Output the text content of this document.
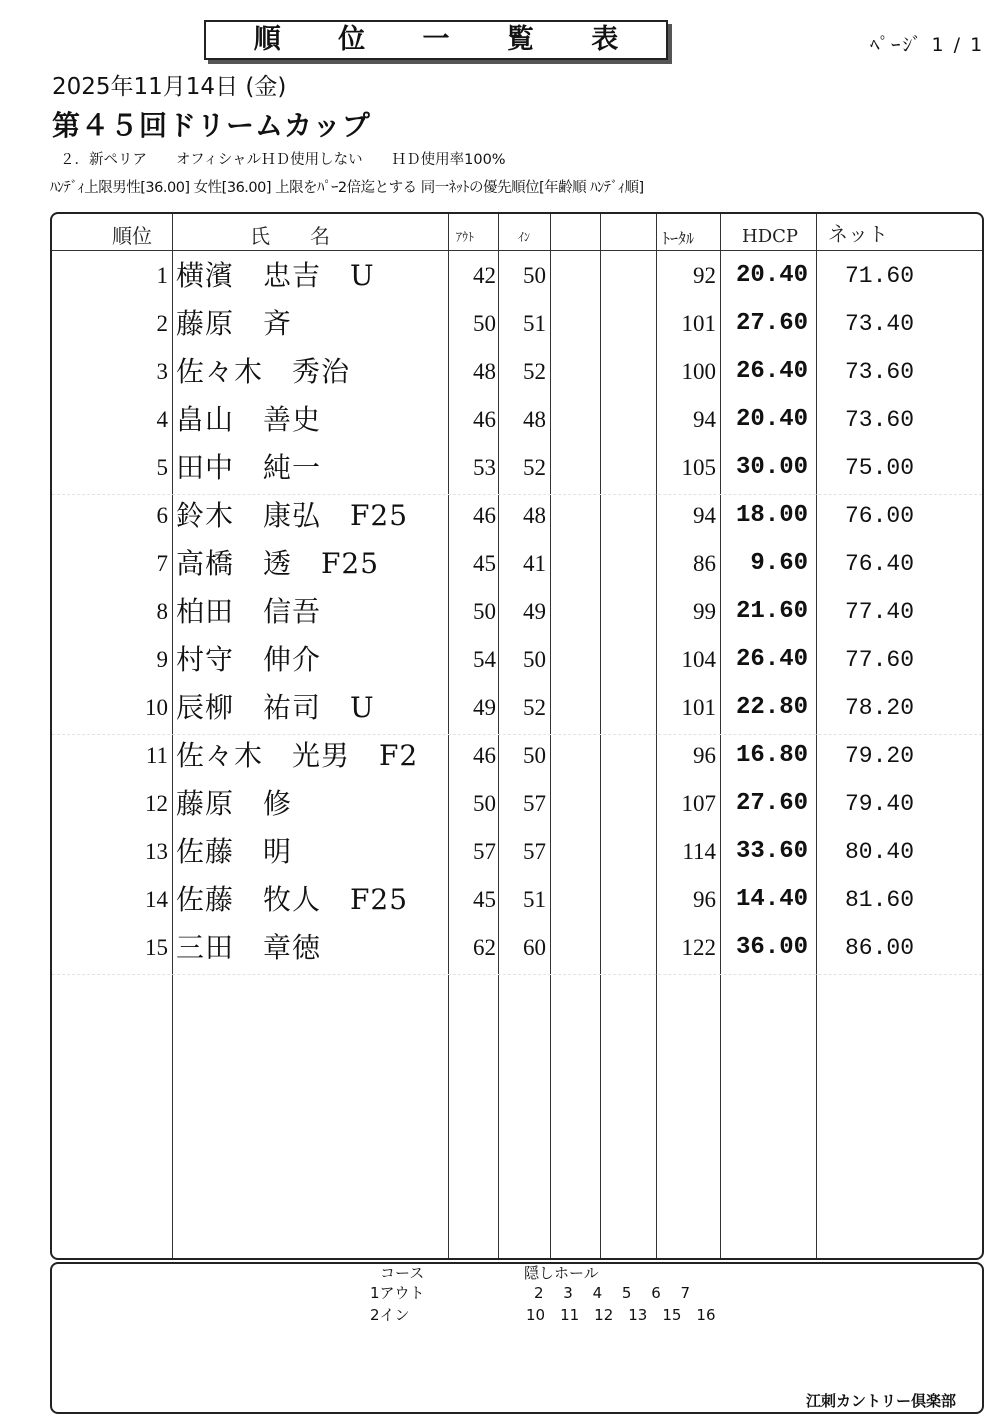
順 位 一 覧 表	ﾍﾟｰｼﾞ 1 / 1
2025年11月14日 (金)
第４５回ドリームカップ
２．新ペリア　　オフィシャルＨＤ使用しない　　ＨＤ使用率100%
ﾊﾝﾃﾞｨ上限男性[36.00] 女性[36.00] 上限をﾊﾟｰ2倍迄とする 同一ﾈｯﾄの優先順位[年齢順 ﾊﾝﾃﾞｨ順]
順位	氏　　名	ｱｳﾄ	ｲﾝ	ﾄｰﾀﾙ	HDCP ネット
1 横濱　忠吉　U	42	50	92 20.40	71.60
2 藤原　斉	50	51	101 27.60	73.40
3 佐々木　秀治	48	52	100 26.40	73.60
4 畠山　善史	46	48	94 20.40	73.60
5 田中　純一	53	52	105 30.00	75.00
6 鈴木　康弘　F25	46	48	94 18.00	76.00
7 高橋　透　F25	45	41	86	9.60	76.40
8 柏田　信吾	50	49	99 21.60	77.40
9 村守　伸介	54	50	104 26.40	77.60
10 辰柳　祐司　U	49	52	101 22.80	78.20
11 佐々木　光男　F2	46	50	96 16.80	79.20
12 藤原　修	50	57	107 27.60	79.40
13 佐藤　明	57	57	114 33.60	80.40
14 佐藤　牧人　F25	45	51	96 14.40	81.60
15 三田　章徳	62	60	122 36.00	86.00
コース	隠しホール
1アウト	2　 3　 4　 5　 6　 7
2イン	10　11　12　13　15　16
江刺カントリー倶楽部
